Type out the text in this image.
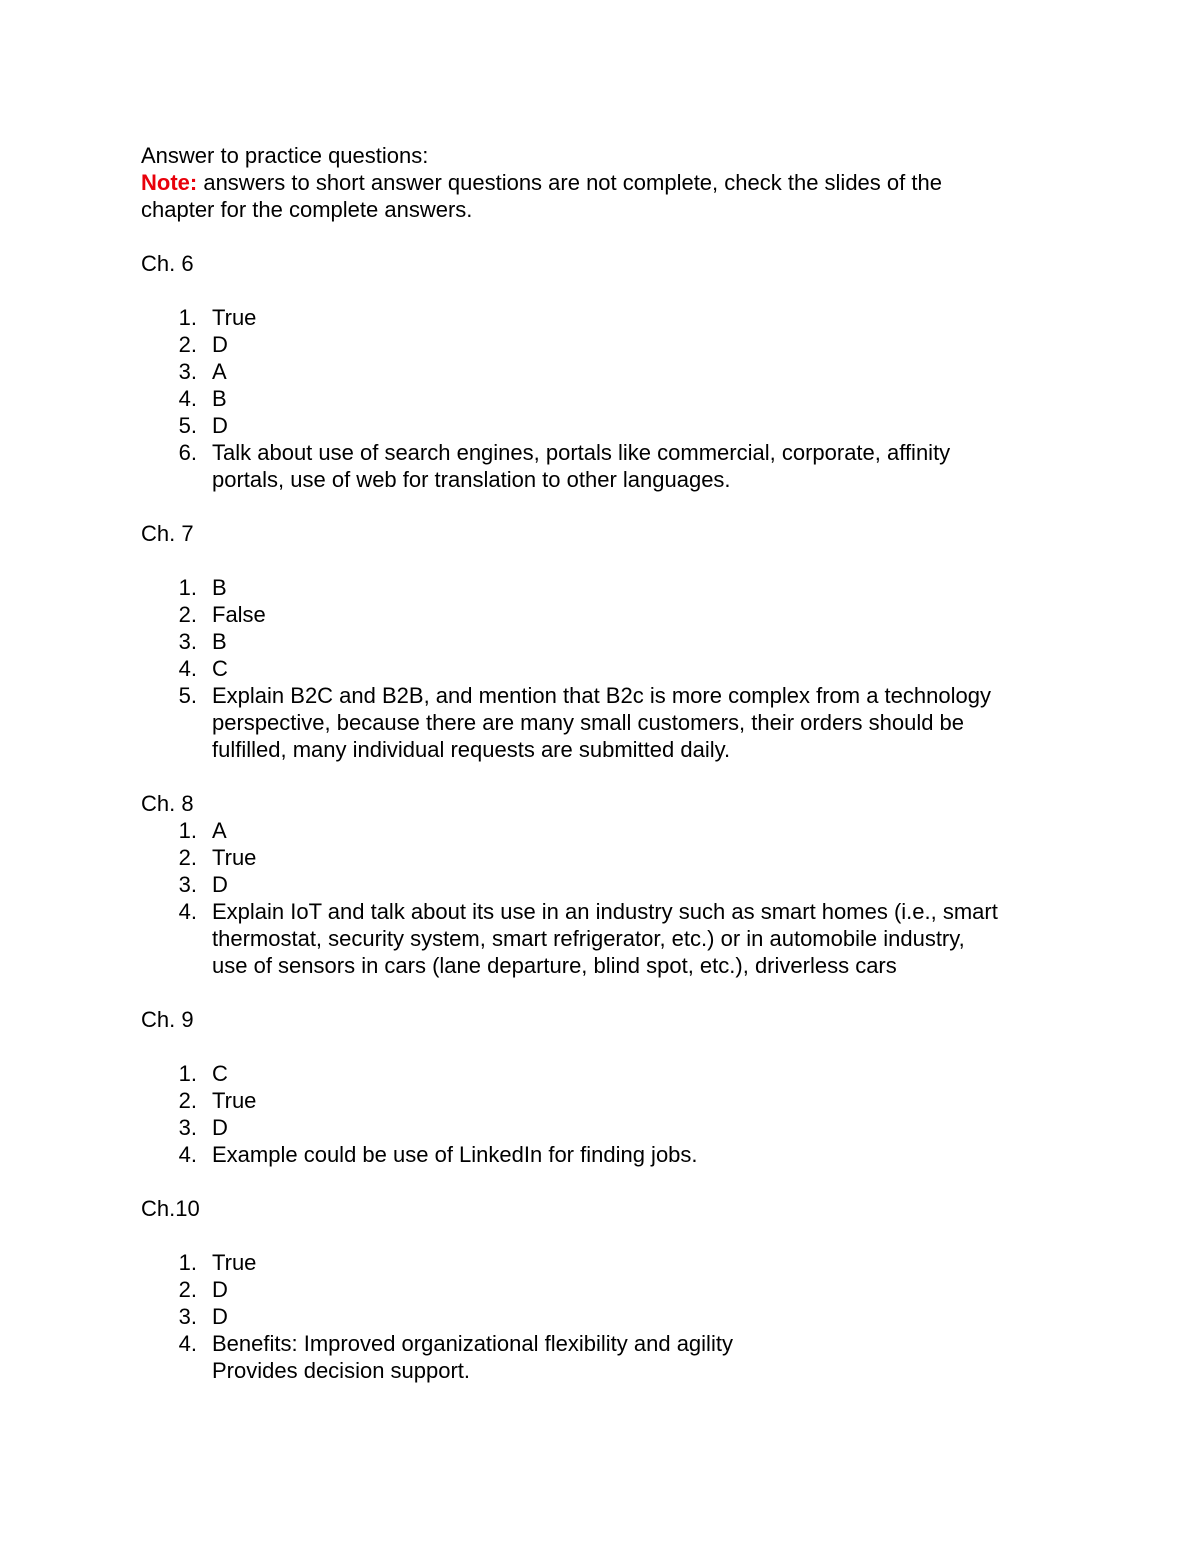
Answer to practice questions:
Note: answers to short answer questions are not complete, check the slides of the
chapter for the complete answers.
Ch. 6
1. True
2. D
3. A
4. B
5. D
6. Talk about use of search engines, portals like commercial, corporate, affinity
portals, use of web for translation to other languages.
Ch. 7
1. B
2. False
3. B
4. C
5. Explain B2C and B2B, and mention that B2c is more complex from a technology
perspective, because there are many small customers, their orders should be
fulfilled, many individual requests are submitted daily.
Ch. 8
1. A
2. True
3. D
4. Explain IoT and talk about its use in an industry such as smart homes (i.e., smart
thermostat, security system, smart refrigerator, etc.) or in automobile industry,
use of sensors in cars (lane departure, blind spot, etc.), driverless cars
Ch. 9
1. C
2. True
3. D
4. Example could be use of LinkedIn for finding jobs.
Ch.10
1. True
2. D
3. D
4. Benefits: Improved organizational flexibility and agility
Provides decision support.
